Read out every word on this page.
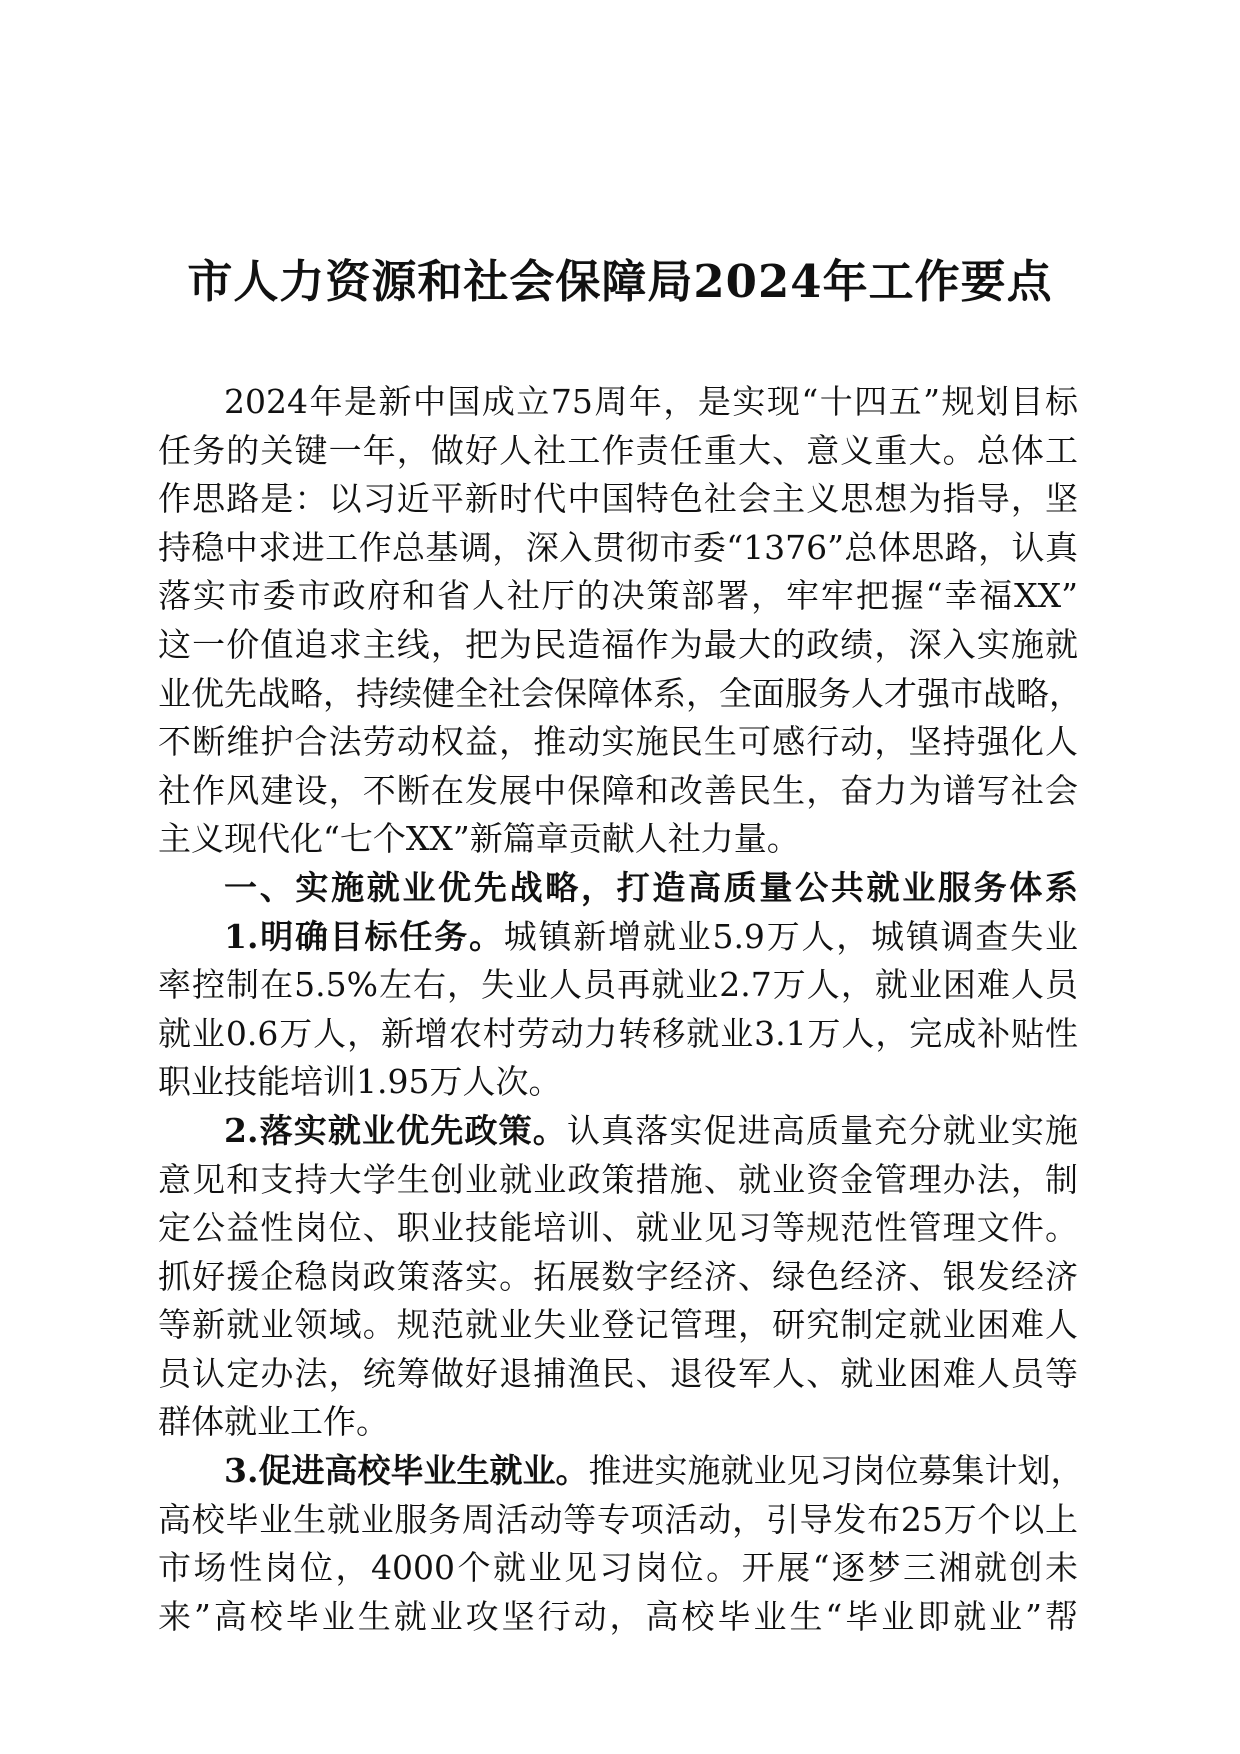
市人力资源和社会保障局2024年工作要点
2024年是新中国成立75周年，是实现“十四五”规划目标
任务的关键一年，做好人社工作责任重大、意义重大。总体工
作思路是：以习近平新时代中国特色社会主义思想为指导，坚
持稳中求进工作总基调，深入贯彻市委“1376”总体思路，认真
落实市委市政府和省人社厅的决策部署，牢牢把握“幸福XX”
这一价值追求主线，把为民造福作为最大的政绩，深入实施就
业优先战略，持续健全社会保障体系，全面服务人才强市战略，
不断维护合法劳动权益，推动实施民生可感行动，坚持强化人
社作风建设，不断在发展中保障和改善民生，奋力为谱写社会
主义现代化“七个XX”新篇章贡献人社力量。
一、实施就业优先战略，打造高质量公共就业服务体系
1.明确目标任务。城镇新增就业5.9万人，城镇调查失业
率控制在5.5%左右，失业人员再就业2.7万人，就业困难人员
就业0.6万人，新增农村劳动力转移就业3.1万人，完成补贴性
职业技能培训1.95万人次。
2.落实就业优先政策。认真落实促进高质量充分就业实施
意见和支持大学生创业就业政策措施、就业资金管理办法，制
定公益性岗位、职业技能培训、就业见习等规范性管理文件。
抓好援企稳岗政策落实。拓展数字经济、绿色经济、银发经济
等新就业领域。规范就业失业登记管理，研究制定就业困难人
员认定办法，统筹做好退捕渔民、退役军人、就业困难人员等
群体就业工作。
3.促进高校毕业生就业。推进实施就业见习岗位募集计划，
高校毕业生就业服务周活动等专项活动，引导发布25万个以上
市场性岗位，4000个就业见习岗位。开展“逐梦三湘就创未
来”高校毕业生就业攻坚行动，高校毕业生“毕业即就业”帮
